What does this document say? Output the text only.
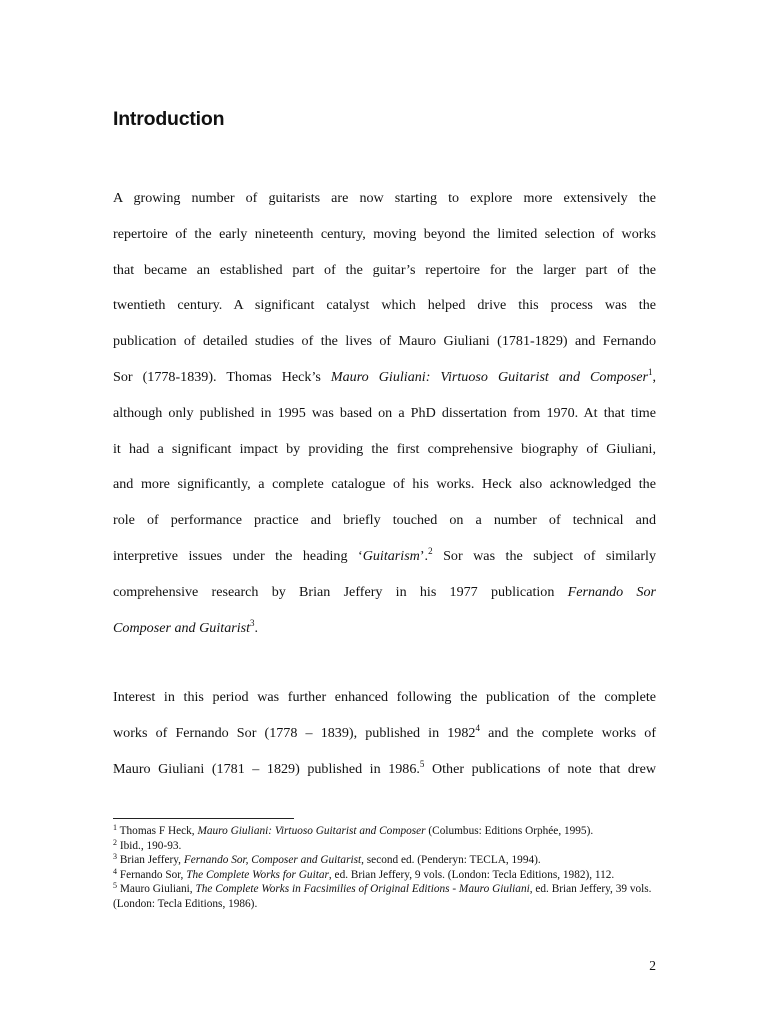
Introduction
A growing number of guitarists are now starting to explore more extensively the
repertoire of the early nineteenth century, moving beyond the limited selection of works
that became an established part of the guitar’s repertoire for the larger part of the
twentieth century. A significant catalyst which helped drive this process was the
publication of detailed studies of the lives of Mauro Giuliani (1781-1829) and Fernando
Sor (1778-1839). Thomas Heck’s Mauro Giuliani: Virtuoso Guitarist and Composer$^1$,
although only published in 1995 was based on a PhD dissertation from 1970. At that time
it had a significant impact by providing the first comprehensive biography of Giuliani,
and more significantly, a complete catalogue of his works. Heck also acknowledged the
role of performance practice and briefly touched on a number of technical and
interpretive issues under the heading ‘Guitarism’.$^2$ Sor was the subject of similarly
comprehensive research by Brian Jeffery in his 1977 publication Fernando Sor
Composer and Guitarist$^3$.
Interest in this period was further enhanced following the publication of the complete
works of Fernando Sor (1778 – 1839), published in 1982$^4$ and the complete works of
Mauro Giuliani (1781 – 1829) published in 1986.$^5$ Other publications of note that drew

$^1$ Thomas F Heck, Mauro Giuliani: Virtuoso Guitarist and Composer (Columbus: Editions Orphée, 1995).

$^2$ Ibid., 190-93.

$^3$ Brian Jeffery, Fernando Sor, Composer and Guitarist, second ed. (Penderyn: TECLA, 1994).

$^4$ Fernando Sor, The Complete Works for Guitar, ed. Brian Jeffery, 9 vols. (London: Tecla Editions, 1982), 112.

$^5$ Mauro Giuliani, The Complete Works in Facsimilies of Original Editions - Mauro Giuliani, ed. Brian Jeffery, 39 vols. (London: Tecla Editions, 1986).

2
